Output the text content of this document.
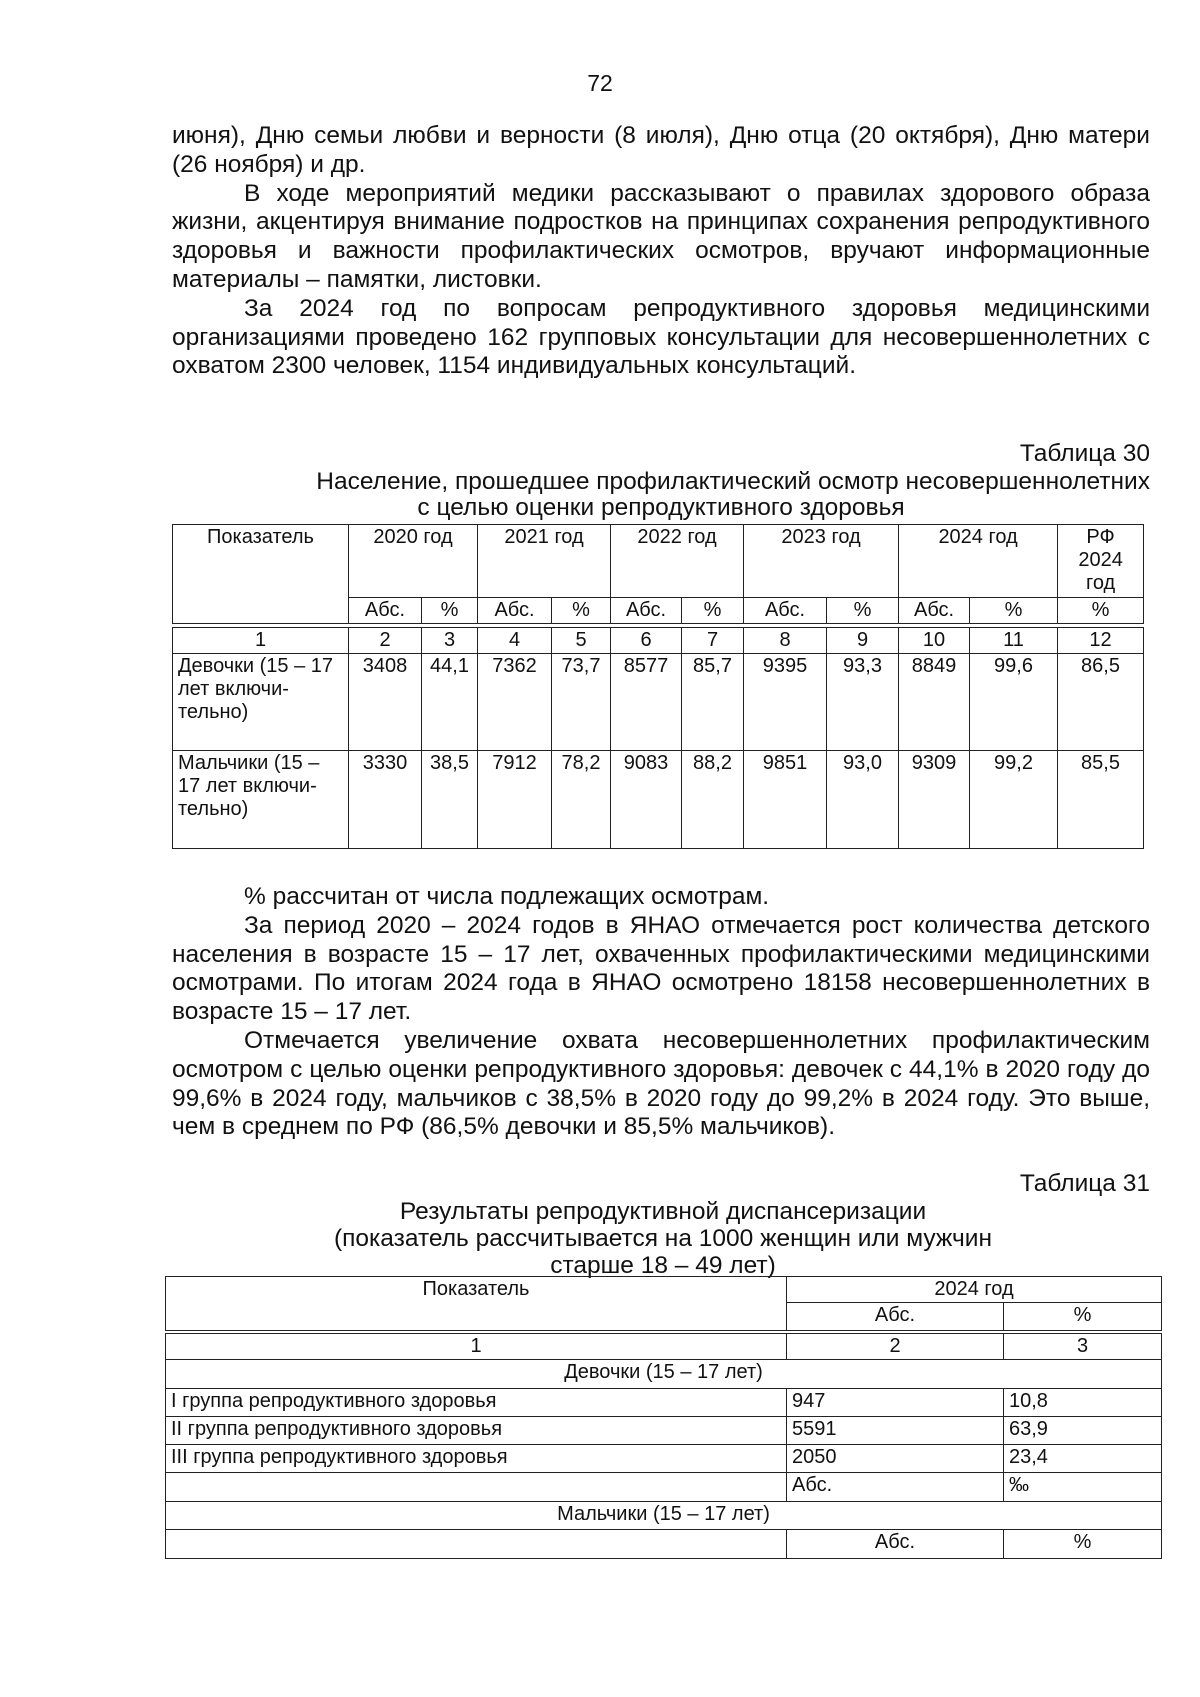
72

июня), Дню семьи любви и верности (8 июля), Дню отца (20 октября), Дню матери (26 ноября) и др.

В ходе мероприятий медики рассказывают о правилах здорового образа жизни, акцентируя внимание подростков на принципах сохранения репродуктивного здоровья и важности профилактических осмотров, вручают информационные материалы – памятки, листовки.

За 2024 год по вопросам репродуктивного здоровья медицинскими организациями проведено 162 групповых консультации для несовершеннолетних с охватом 2300 человек, 1154 индивидуальных консультаций.

Таблица 30
Население, прошедшее профилактический осмотр несовершеннолетних
с целью оценки репродуктивного здоровья
Показатель	2020 год		2021 год		2022 год		2023 год		2024 год		РФ 2024 год
	Абс.	%	Абс.	%	Абс.	%	Абс.	%	Абс.	%	%
1	2	3	4	5	6	7	8	9	10	11	12
Девочки (15 – 17 лет включи-тельно)	3408	44,1	7362	73,7	8577	85,7	9395	93,3	8849	99,6	86,5
Мальчики (15 – 17 лет включи-тельно)	3330	38,5	7912	78,2	9083	88,2	9851	93,0	9309	99,2	85,5

% рассчитан от числа подлежащих осмотрам.

За период 2020 – 2024 годов в ЯНАО отмечается рост количества детского населения в возрасте 15 – 17 лет, охваченных профилактическими медицинскими осмотрами. По итогам 2024 года в ЯНАО осмотрено 18158 несовершеннолетних в возрасте 15 – 17 лет.

Отмечается увеличение охвата несовершеннолетних профилактическим осмотром с целью оценки репродуктивного здоровья: девочек с 44,1% в 2020 году до 99,6% в 2024 году, мальчиков с 38,5% в 2020 году до 99,2% в 2024 году. Это выше, чем в среднем по РФ (86,5% девочки и 85,5% мальчиков).

Таблица 31
Результаты репродуктивной диспансеризации
(показатель рассчитывается на 1000 женщин или мужчин
старше 18 – 49 лет)
Показатель	2024 год	
	Абс.	%
1	2	3
Девочки (15 – 17 лет)		
I группа репродуктивного здоровья	947	10,8
II группа репродуктивного здоровья	5591	63,9
III группа репродуктивного здоровья	2050	23,4
	Абс.	‰
Мальчики (15 – 17 лет)		
	Абс.	%
